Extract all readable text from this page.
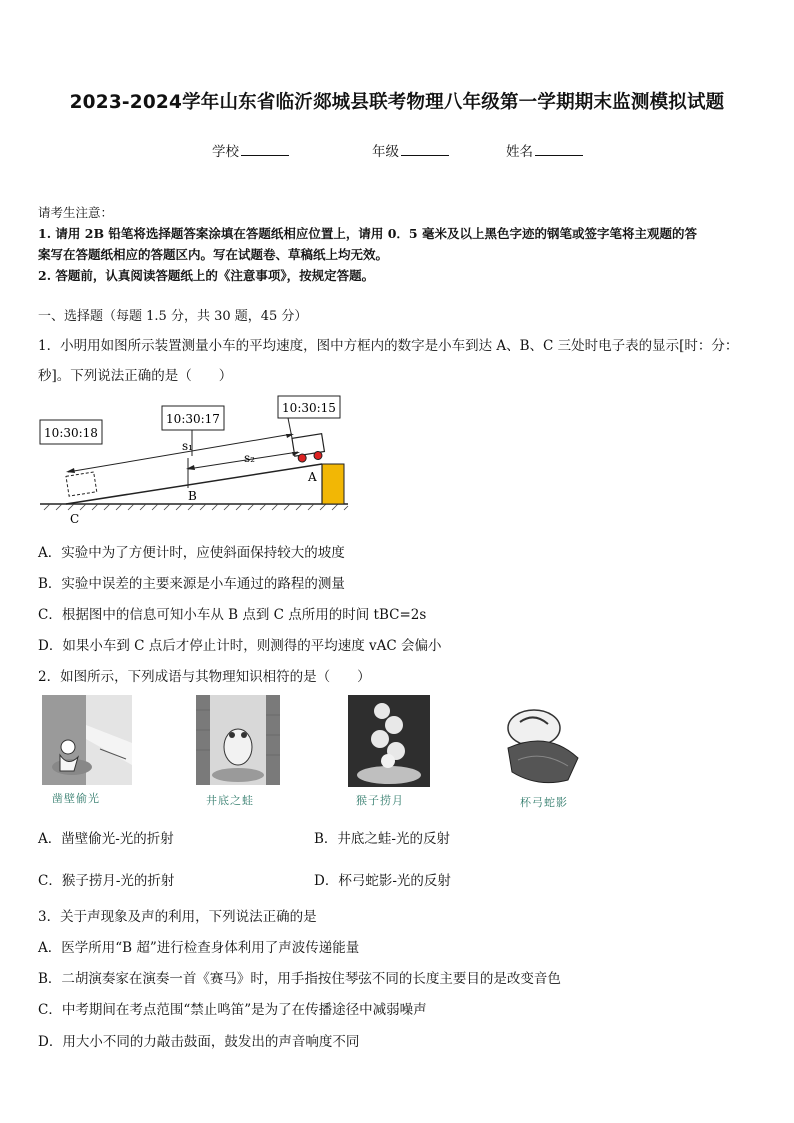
2023-2024学年山东省临沂郯城县联考物理八年级第一学期期末监测模拟试题
学校	年级	姓名
请考生注意：
1. 请用 2B 铅笔将选择题答案涂填在答题纸相应位置上，请用 0．5 毫米及以上黑色字迹的钢笔或签字笔将主观题的答
案写在答题纸相应的答题区内。写在试题卷、草稿纸上均无效。
2. 答题前，认真阅读答题纸上的《注意事项》，按规定答题。
一、选择题（每题 1.5 分，共 30 题，45 分）
1．小明用如图所示装置测量小车的平均速度，图中方框内的数字是小车到达 A、B、C 三处时电子表的显示[时：分：
秒]。下列说法正确的是（　　）
10:30:18
10:30:17
10:30:15
s₁
s₂
A
B
C
A．实验中为了方便计时，应使斜面保持较大的坡度
B．实验中误差的主要来源是小车通过的路程的测量
C．根据图中的信息可知小车从 B 点到 C 点所用的时间 tBC=2s
D．如果小车到 C 点后才停止计时，则测得的平均速度 vAC 会偏小
2．如图所示，下列成语与其物理知识相符的是（　　）
凿壁偷光	井底之蛙	猴子捞月	杯弓蛇影
A．凿壁偷光-光的折射	B．井底之蛙-光的反射
C．猴子捞月-光的折射	D．杯弓蛇影-光的反射
3．关于声现象及声的利用，下列说法正确的是
A．医学所用“B 超”进行检查身体利用了声波传递能量
B．二胡演奏家在演奏一首《赛马》时，用手指按住琴弦不同的长度主要目的是改变音色
C．中考期间在考点范围“禁止鸣笛”是为了在传播途径中减弱噪声
D．用大小不同的力敲击鼓面，鼓发出的声音响度不同
